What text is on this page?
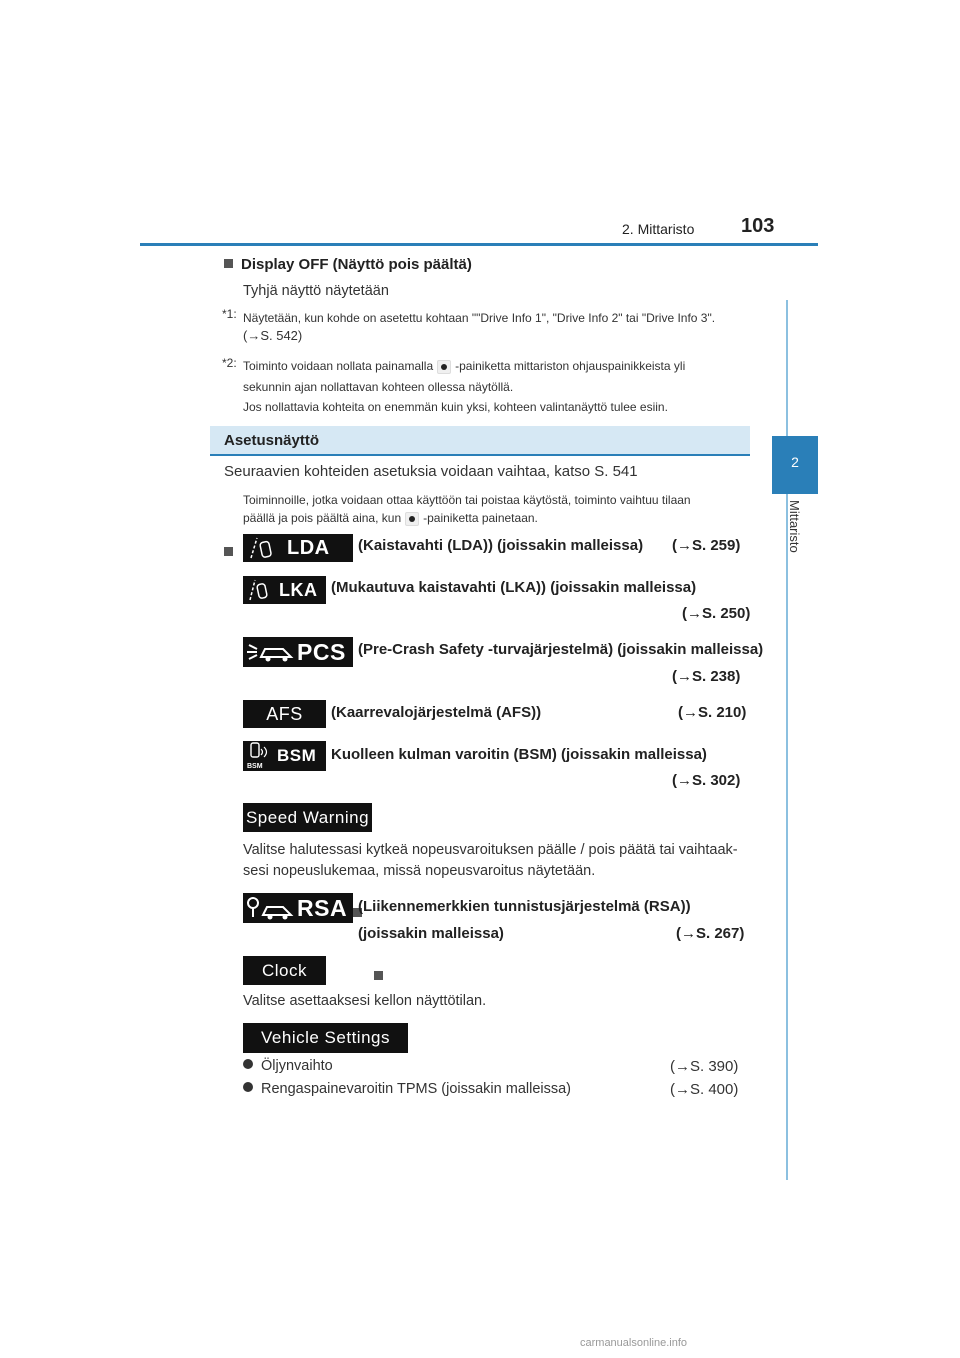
2. Mittaristo 103
2
Mittaristo
Display OFF (Näyttö pois päältä)
Tyhjä näyttö näytetään
*1: Näytetään, kun kohde on asetettu kohtaan ""Drive Info 1", "Drive Info 2" tai "Drive Info 3".
(→S. 542)
*2: Toiminto voidaan nollata painamalla -painiketta mittariston ohjauspainikkeista yli
sekunnin ajan nollattavan kohteen ollessa näytöllä.
Jos nollattavia kohteita on enemmän kuin yksi, kohteen valintanäyttö tulee esiin.
Asetusnäyttö
Seuraavien kohteiden asetuksia voidaan vaihtaa, katso S. 541
Toiminnoille, jotka voidaan ottaa käyttöön tai poistaa käytöstä, toiminto vaihtuu tilaan
päällä ja pois päältä aina, kun -painiketta painetaan.

LDA (Kaistavahti (LDA)) (joissakin malleissa) (→S. 259)

LKA (Mukautuva kaistavahti (LKA)) (joissakin malleissa)
(→S. 250)

PCS (Pre-Crash Safety -turvajärjestelmä) (joissakin malleissa)
(→S. 238)

AFS (Kaarrevalojärjestelmä (AFS))	(→S. 210)

BSM
BSM Kuolleen kulman varoitin (BSM) (joissakin malleissa)
(→S. 302)

Speed Warning
Valitse halutessasi kytkeä nopeusvaroituksen päälle / pois päätä tai vaihtaak-
sesi nopeuslukemaa, missä nopeusvaroitus näytetään.

RSA (Liikennemerkkien tunnistusjärjestelmä (RSA))
(joissakin malleissa)	(→S. 267)

Clock
Valitse asettaaksesi kellon näyttötilan.
Vehicle Settings
Öljynvaihto	(→S. 390)
Rengaspainevaroitin TPMS (joissakin malleissa)	(→S. 400)
carmanualsonline.info
